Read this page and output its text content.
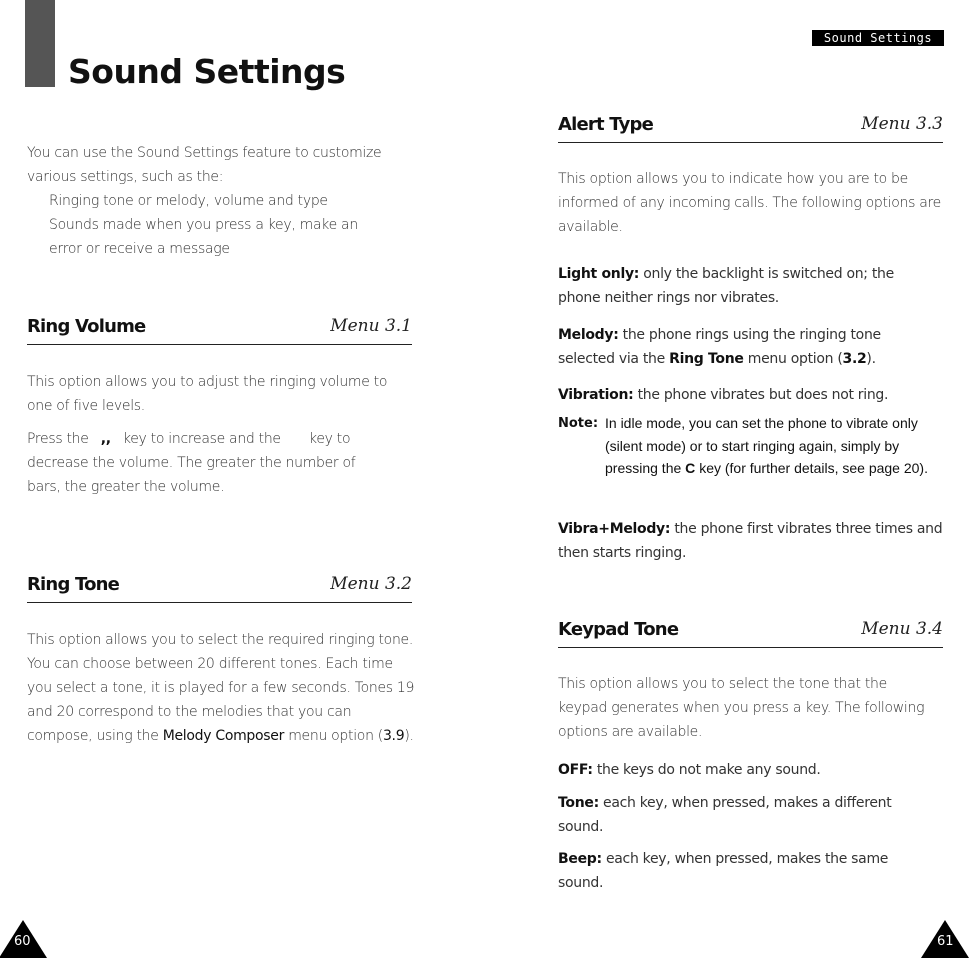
Sound Settings
You can use the Sound Settings feature to customize various settings, such as the:
Ringing tone or melody, volume and type
Sounds made when you press a key, make an error or receive a message
Ring Volume	Menu 3.1
This option allows you to adjust the ringing volume to one of five levels.
Press the ,, key to increase and the key to decrease the volume. The greater the number of bars, the greater the volume.
Ring Tone	Menu 3.2
This option allows you to select the required ringing tone. You can choose between 20 different tones. Each time you select a tone, it is played for a few seconds. Tones 19 and 20 correspond to the melodies that you can compose, using the Melody Composer menu option (3.9).
Sound Settings
Alert Type	Menu 3.3
This option allows you to indicate how you are to be informed of any incoming calls. The following options are available.
Light only: only the backlight is switched on; the phone neither rings nor vibrates.
Melody: the phone rings using the ringing tone selected via the Ring Tone menu option (3.2).
Vibration: the phone vibrates but does not ring.
Note: In idle mode, you can set the phone to vibrate only (silent mode) or to start ringing again, simply by pressing the C key (for further details, see page 20).
Vibra+Melody: the phone first vibrates three times and then starts ringing.
Keypad Tone	Menu 3.4
This option allows you to select the tone that the keypad generates when you press a key. The following options are available.
OFF: the keys do not make any sound.
Tone: each key, when pressed, makes a different sound.
Beep: each key, when pressed, makes the same sound.
60	61
